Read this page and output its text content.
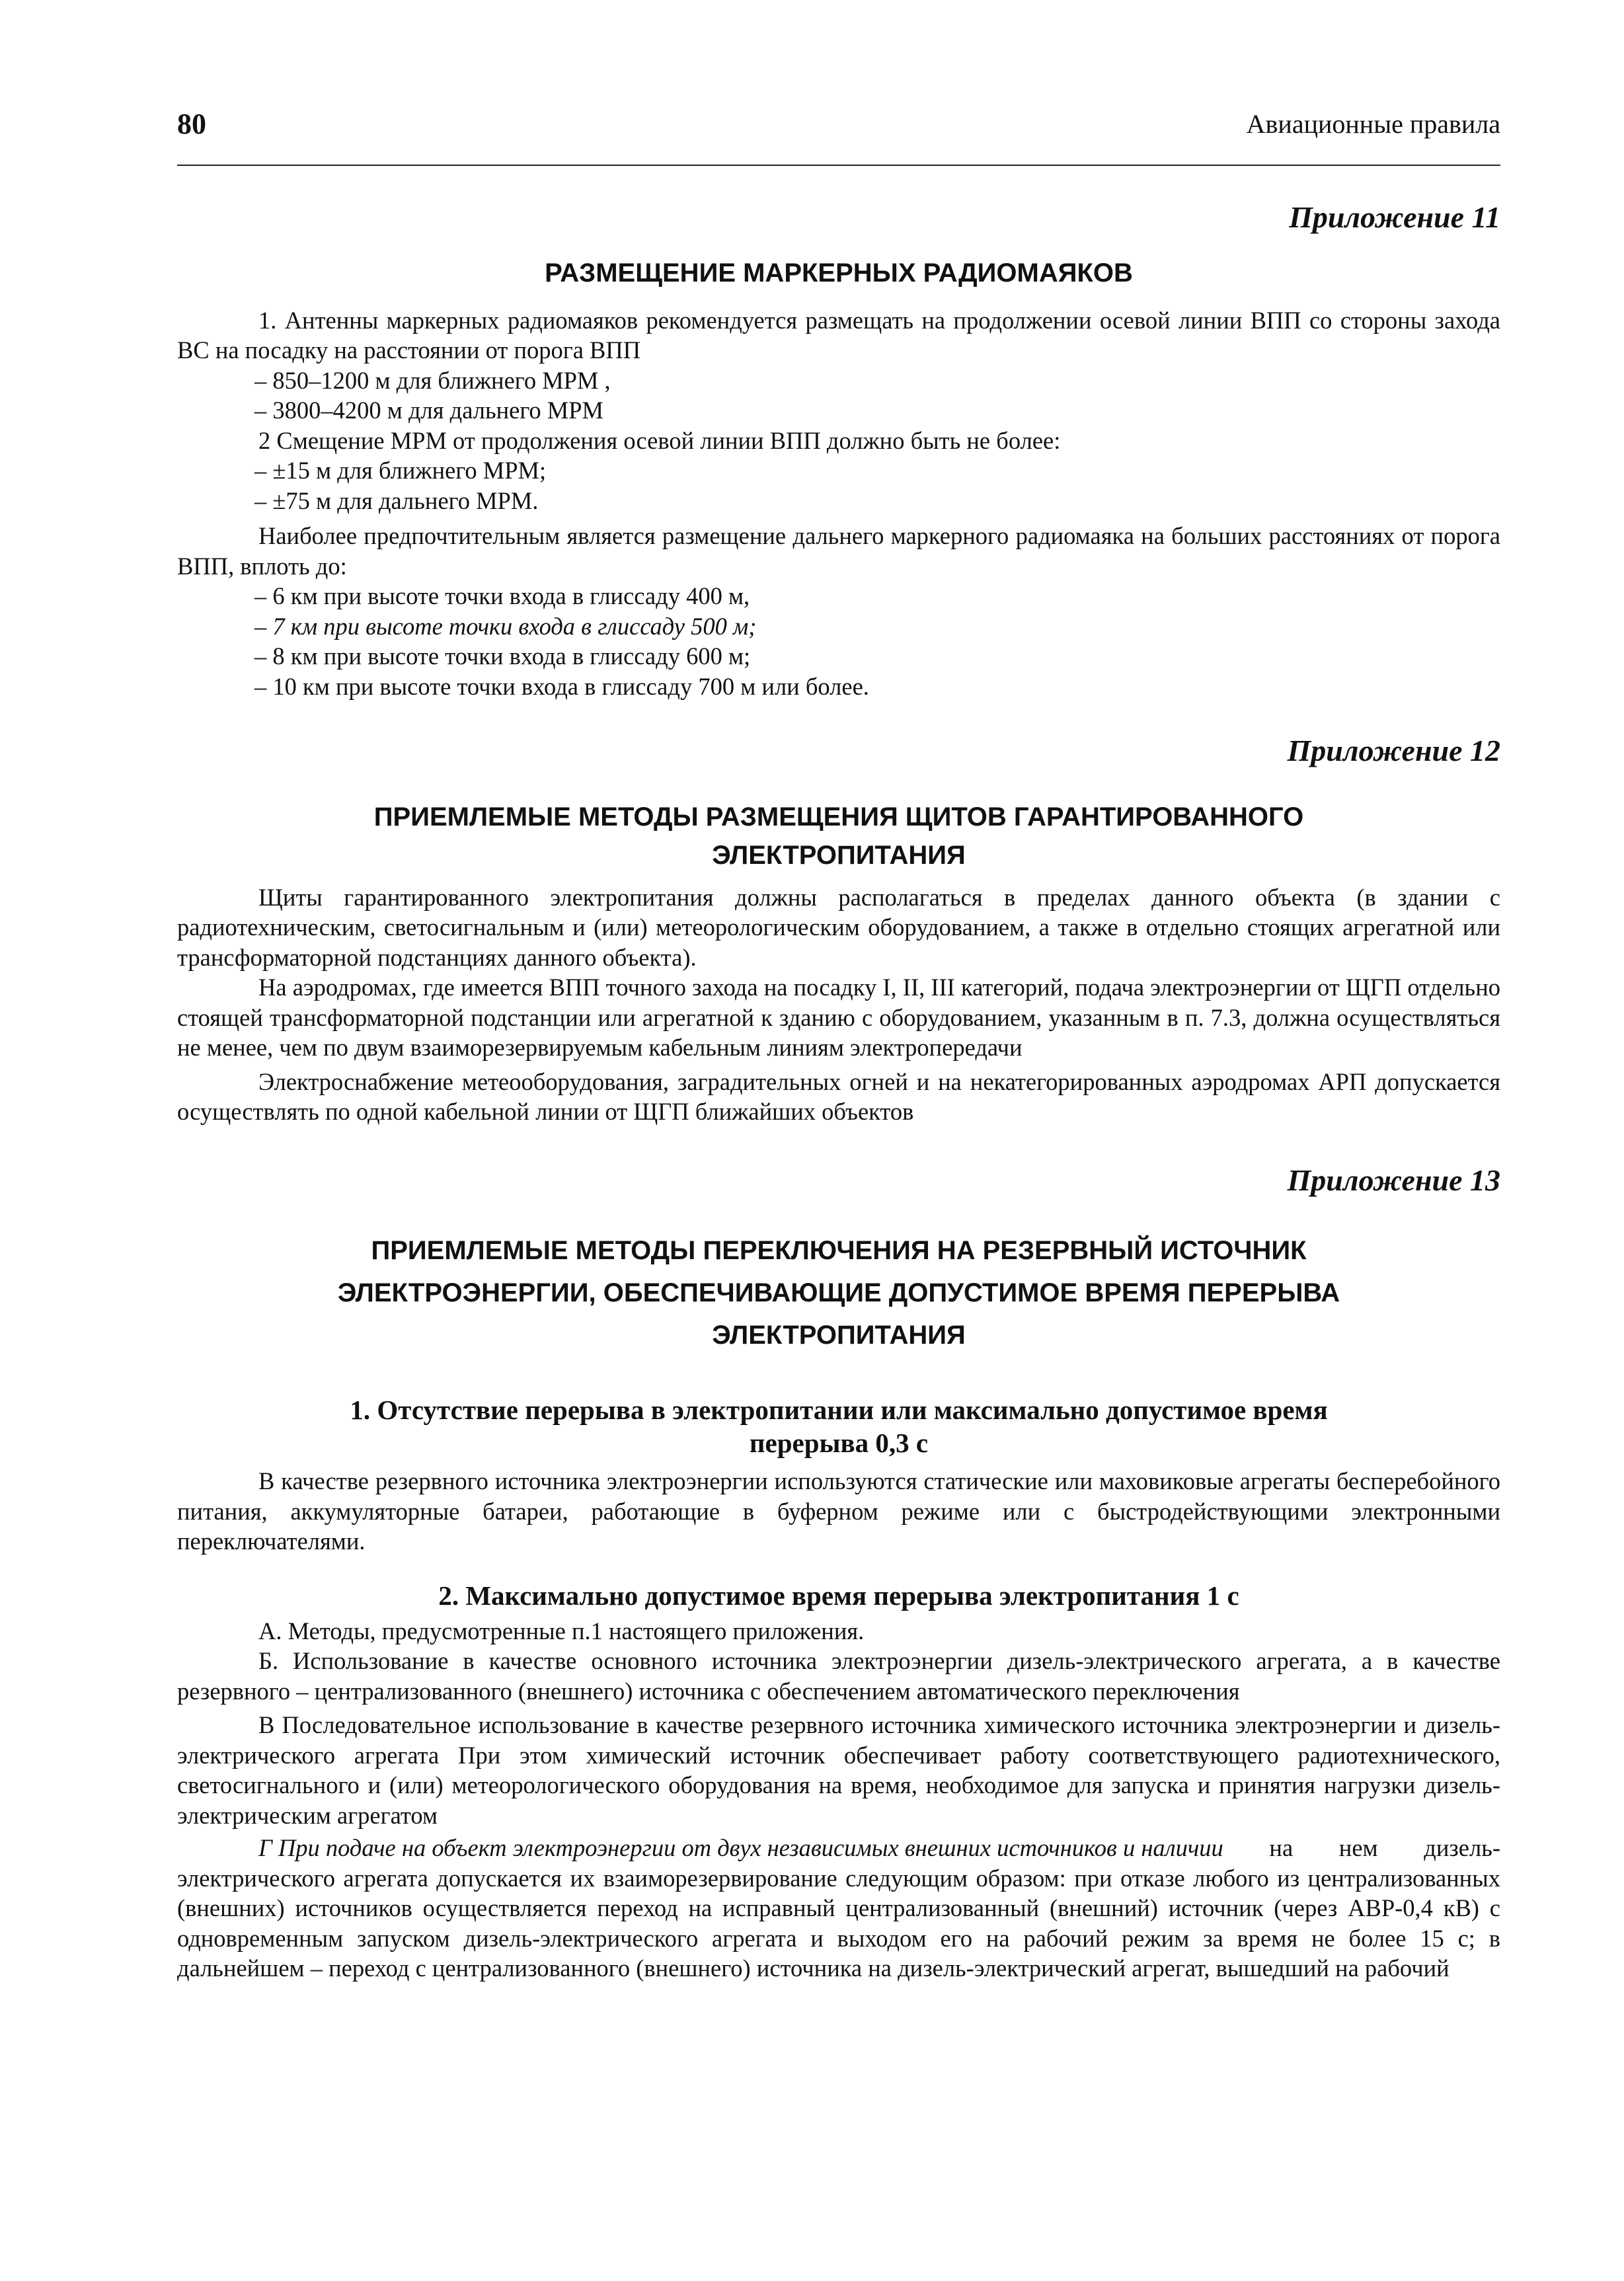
80	Авиационные правила

Приложение 11

РАЗМЕЩЕНИЕ МАРКЕРНЫХ РАДИОМАЯКОВ

1. Антенны маркерных радиомаяков рекомендуется размещать на продолжении осевой линии ВПП со стороны захода ВС на посадку на расстоянии от порога ВПП

– 850–1200 м для ближнего МРМ ,

– 3800–4200 м для дальнего МРМ

2 Смещение МРМ от продолжения осевой линии ВПП должно быть не более:

– ±15 м для ближнего МРМ;

– ±75 м для дальнего МРМ.

Наиболее предпочтительным является размещение дальнего маркерного радиомаяка на больших расстояниях от порога ВПП, вплоть до:

– 6 км при высоте точки входа в глиссаду 400 м,

– 7 км при высоте точки входа в глиссаду 500 м;

– 8 км при высоте точки входа в глиссаду 600 м;

– 10 км при высоте точки входа в глиссаду 700 м или более.

Приложение 12

ПРИЕМЛЕМЫЕ МЕТОДЫ РАЗМЕЩЕНИЯ ЩИТОВ ГАРАНТИРОВАННОГО
ЭЛЕКТРОПИТАНИЯ

Щиты гарантированного электропитания должны располагаться в пределах данного объекта (в здании с радиотехническим, светосигнальным и (или) метеорологическим оборудованием, а также в отдельно стоящих агрегатной или трансформаторной подстанциях данного объекта).

На аэродромах, где имеется ВПП точного захода на посадку I, II, III категорий, подача электроэнергии от ЩГП отдельно стоящей трансформаторной подстанции или агрегатной к зданию с оборудованием, указанным в п. 7.3, должна осуществляться не менее, чем по двум взаиморезервируемым кабельным линиям электропередачи

Электроснабжение метеооборудования, заградительных огней и на некатегорированных аэродромах АРП допускается осуществлять по одной кабельной линии от ЩГП ближайших объектов

Приложение 13

ПРИЕМЛЕМЫЕ МЕТОДЫ ПЕРЕКЛЮЧЕНИЯ НА РЕЗЕРВНЫЙ ИСТОЧНИК
ЭЛЕКТРОЭНЕРГИИ, ОБЕСПЕЧИВАЮЩИЕ ДОПУСТИМОЕ ВРЕМЯ ПЕРЕРЫВА
ЭЛЕКТРОПИТАНИЯ
1. Отсутствие перерыва в электропитании или максимально допустимое время
перерыва 0,3 с

В качестве резервного источника электроэнергии используются статические или маховиковые агрегаты бесперебойного питания, аккумуляторные батареи, работающие в буферном режиме или с быстродействующими электронными переключателями.

2. Максимально допустимое время перерыва электропитания 1 с

А. Методы, предусмотренные п.1 настоящего приложения.

Б. Использование в качестве основного источника электроэнергии дизель-электрического агрегата, а в качестве резервного – централизованного (внешнего) источника с обеспечением автоматического переключения

В Последовательное использование в качестве резервного источника химического источника электроэнергии и дизель-электрического агрегата При этом химический источник обеспечивает работу соответствующего радиотехнического, светосигнального и (или) метеорологического оборудования на время, необходимое для запуска и принятия нагрузки дизель-электрическим агрегатом

Г При подаче на объект электроэнергии от двух независимых внешних источников и наличии на нем дизель-электрического агрегата допускается их взаиморезервирование следующим образом: при отказе любого из централизованных (внешних) источников осуществляется переход на исправный централизованный (внешний) источник (через АВР-0,4 кВ) с одновременным запуском дизель-электрического агрегата и выходом его на рабочий режим за время не более 15 с; в дальнейшем – переход с централизованного (внешнего) источника на дизель-электрический агрегат, вышедший на рабочий
